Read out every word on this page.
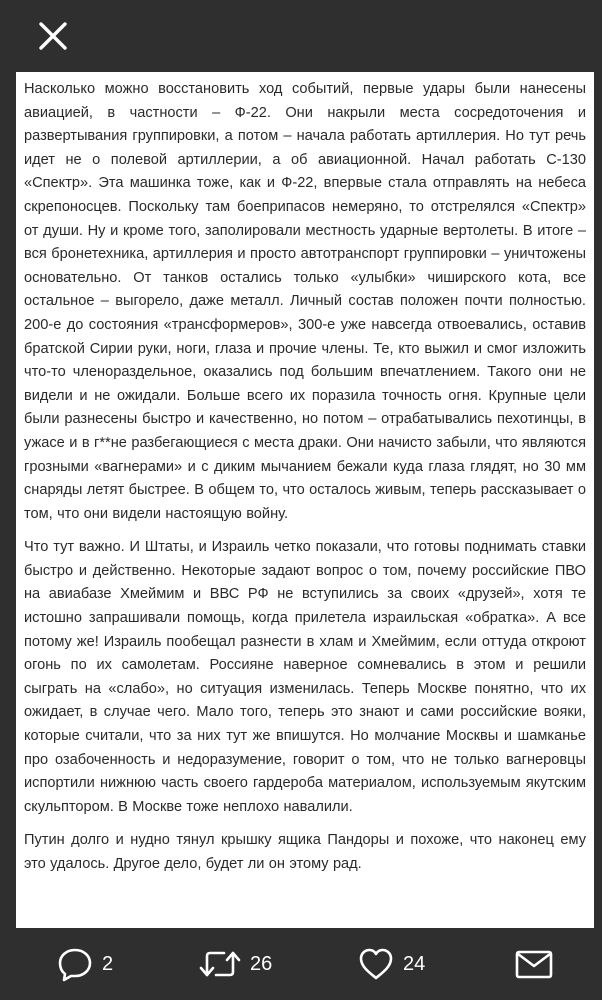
Насколько можно восстановить ход событий, первые удары были нанесены авиацией, в частности – Ф-22. Они накрыли места сосредоточения и развертывания группировки, а потом – начала работать артиллерия. Но тут речь идет не о полевой артиллерии, а об авиационной. Начал работать С-130 «Спектр». Эта машинка тоже, как и Ф-22, впервые стала отправлять на небеса скрепоносцев. Поскольку там боеприпасов немеряно, то отстрелялся «Спектр» от души. Ну и кроме того, заполировали местность ударные вертолеты. В итоге – вся бронетехника, артиллерия и просто автотранспорт группировки – уничтожены основательно. От танков остались только «улыбки» чиширского кота, все остальное – выгорело, даже металл. Личный состав положен почти полностью. 200-е до состояния «трансформеров», 300-е уже навсегда отвоевались, оставив братской Сирии руки, ноги, глаза и прочие члены. Те, кто выжил и смог изложить что-то членораздельное, оказались под большим впечатлением. Такого они не видели и не ожидали. Больше всего их поразила точность огня. Крупные цели были разнесены быстро и качественно, но потом – отрабатывались пехотинцы, в ужасе и в г**не разбегающиеся с места драки. Они начисто забыли, что являются грозными «вагнерами» и с диким мычанием бежали куда глаза глядят, но 30 мм снаряды летят быстрее. В общем то, что осталось живым, теперь рассказывает о том, что они видели настоящую войну.

Что тут важно. И Штаты, и Израиль четко показали, что готовы поднимать ставки быстро и действенно. Некоторые задают вопрос о том, почему российские ПВО на авиабазе Хмеймим и ВВС РФ не вступились за своих «друзей», хотя те истошно запрашивали помощь, когда прилетела израильская «обратка». А все потому же! Израиль пообещал разнести в хлам и Хмеймим, если оттуда откроют огонь по их самолетам. Россияне наверное сомневались в этом и решили сыграть на «слабо», но ситуация изменилась. Теперь Москве понятно, что их ожидает, в случае чего. Мало того, теперь это знают и сами российские вояки, которые считали, что за них тут же впишутся. Но молчание Москвы и шамканье про озабоченность и недоразумение, говорит о том, что не только вагнеровцы испортили нижнюю часть своего гардероба материалом, используемым якутским скульптором. В Москве тоже неплохо навалили.

Путин долго и нудно тянул крышку ящика Пандоры и похоже, что наконец ему это удалось. Другое дело, будет ли он этому рад.

2	26	24
